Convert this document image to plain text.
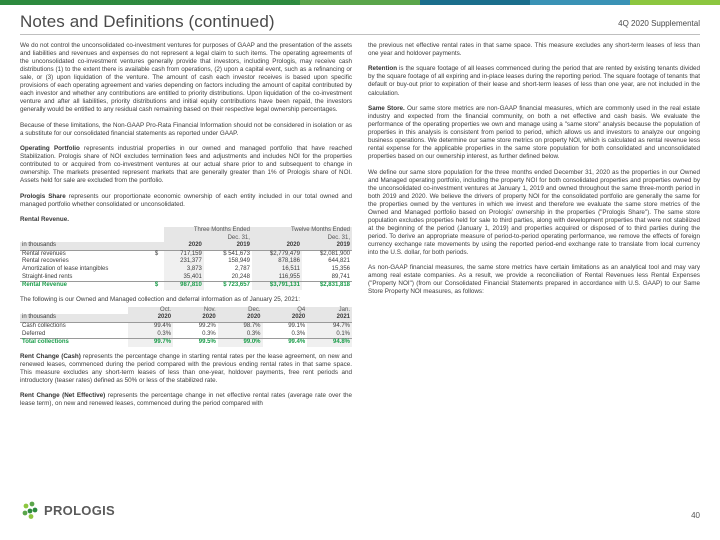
Notes and Definitions (continued)	4Q 2020 Supplemental

We do not control the unconsolidated co-investment ventures for purposes of GAAP and the presentation of the assets and liabilities and revenues and expenses do not represent a legal claim to such items. The operating agreements of the unconsolidated co-investment ventures generally provide that investors, including Prologis, may receive cash distributions (1) to the extent there is available cash from operations, (2) upon a capital event, such as a refinancing or sale, or (3) upon liquidation of the venture. The amount of cash each investor receives is based upon specific provisions of each operating agreement and varies depending on factors including the amount of capital contributed by each investor and whether any contributions are entitled to priority distributions. Upon liquidation of the co-investment venture and after all liabilities, priority distributions and initial equity contributions have been repaid, the investors generally would be entitled to any residual cash remaining based on their respective legal ownership percentages.

Because of these limitations, the Non-GAAP Pro-Rata Financial Information should not be considered in isolation or as a substitute for our consolidated financial statements as reported under GAAP.

Operating Portfolio represents industrial properties in our owned and managed portfolio that have reached Stabilization. Prologis share of NOI excludes termination fees and adjustments and includes NOI for the properties contributed to or acquired from co-investment ventures at our actual share prior to and subsequent to change in ownership. The markets presented represent markets that are generally greater than 1% of Prologis share of NOI. Assets held for sale are excluded from the portfolio.

Prologis Share represents our proportionate economic ownership of each entity included in our total owned and managed portfolio whether consolidated or unconsolidated.

Rental Revenue.
		Three Months Ended		Twelve Months Ended	
		Dec. 31,		Dec. 31,	
in thousands		2020	2019	2020	2019
Rental revenues	$	717,159	$ 541,673	$2,779,479	$2,081,900
Rental recoveries		231,377	158,949	878,186	644,821
Amortization of lease intangibles		3,873	2,787	16,511	15,356
Straight-lined rents		35,401	20,248	116,955	89,741
Rental Revenue	$	987,810	$ 723,657	$3,791,131	$2,831,818

The following is our Owned and Managed collection and deferral information as of January 25, 2021:

	Oct.	Nov.	Dec.	Q4	Jan.
in thousands	2020	2020	2020	2020	2021
Cash collections	99.4%	99.2%	98.7%	99.1%	94.7%
Deferred	0.3%	0.3%	0.3%	0.3%	0.1%
Total collections	99.7%	99.5%	99.0%	99.4%	94.8%

Rent Change (Cash) represents the percentage change in starting rental rates per the lease agreement, on new and renewed leases, commenced during the period compared with the previous ending rental rates in that same space. This measure excludes any short-term leases of less than one-year, holdover payments, free rent periods and introductory (teaser rates) defined as 50% or less of the stabilized rate.

Rent Change (Net Effective) represents the percentage change in net effective rental rates (average rate over the lease term), on new and renewed leases, commenced during the period compared with

the previous net effective rental rates in that same space. This measure excludes any short-term leases of less than one year and holdover payments.

Retention is the square footage of all leases commenced during the period that are rented by existing tenants divided by the square footage of all expiring and in-place leases during the reporting period. The square footage of tenants that default or buy-out prior to expiration of their lease and short-term leases of less than one year, are not included in the calculation.

Same Store. Our same store metrics are non-GAAP financial measures, which are commonly used in the real estate industry and expected from the financial community, on both a net effective and cash basis. We evaluate the performance of the operating properties we own and manage using a "same store" analysis because the population of properties in this analysis is consistent from period to period, which allows us and investors to analyze our ongoing business operations. We determine our same store metrics on property NOI, which is calculated as rental revenue less rental expense for the applicable properties in the same store population for both consolidated and unconsolidated properties based on our ownership interest, as further defined below.

We define our same store population for the three months ended December 31, 2020 as the properties in our Owned and Managed operating portfolio, including the property NOI for both consolidated properties and properties owned by the unconsolidated co-investment ventures at January 1, 2019 and owned throughout the same three-month period in both 2019 and 2020. We believe the drivers of property NOI for the consolidated portfolio are generally the same for the properties owned by the ventures in which we invest and therefore we evaluate the same store metrics of the Owned and Managed portfolio based on Prologis' ownership in the properties ("Prologis Share"). The same store population excludes properties held for sale to third parties, along with development properties that were not stabilized at the beginning of the period (January 1, 2019) and properties acquired or disposed of to third parties during the period. To derive an appropriate measure of period-to-period operating performance, we remove the effects of foreign currency exchange rate movements by using the reported period-end exchange rate to translate from local currency into the U.S. dollar, for both periods.

As non-GAAP financial measures, the same store metrics have certain limitations as an analytical tool and may vary among real estate companies. As a result, we provide a reconciliation of Rental Revenues less Rental Expenses ("Property NOI") (from our Consolidated Financial Statements prepared in accordance with U.S. GAAP) to our Same Store Property NOI measures, as follows:

PROLOGIS	40
